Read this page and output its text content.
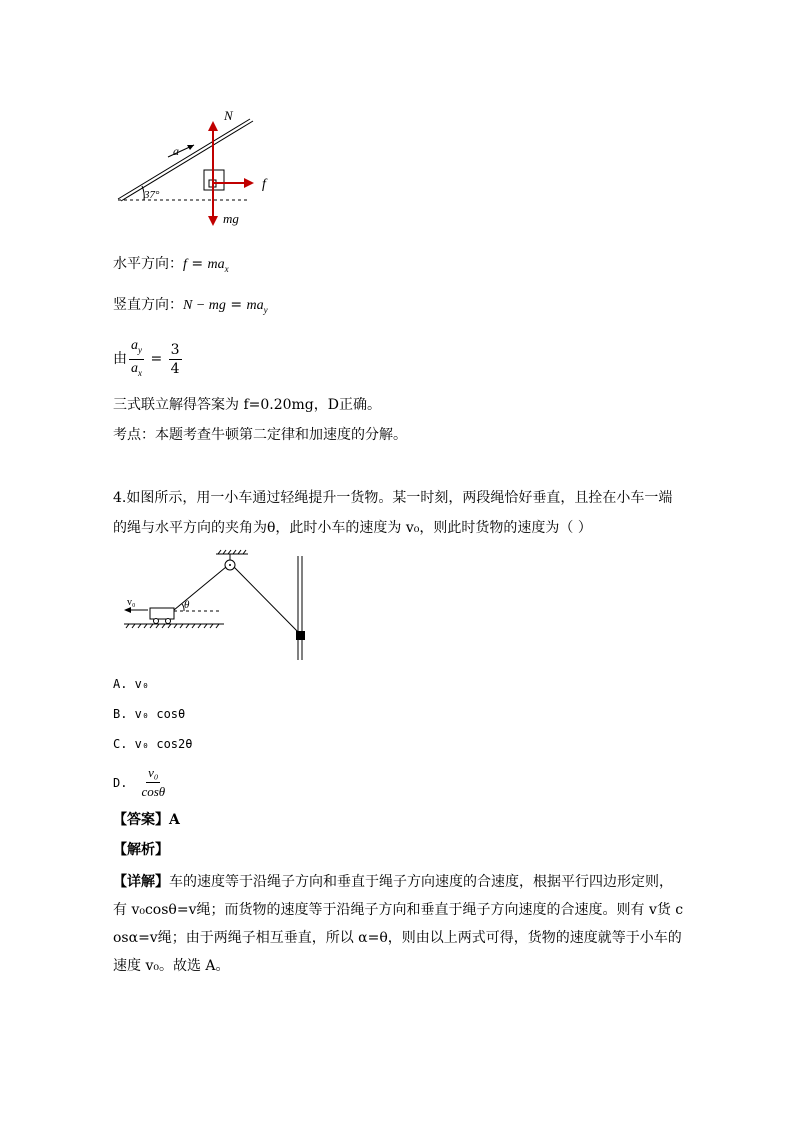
37°
a
N
f
mg
水平方向：$f = ma_x$
竖直方向：N − mg = $ma_y$
由 $\frac{a_y}{a_x} = \frac{3}{4}$
三式联立解得答案为 f=0.20mg，D正确。
考点：本题考查牛顿第二定律和加速度的分解。
4.如图所示，用一小车通过轻绳提升一货物。某一时刻，两段绳恰好垂直，且拴在小车一端
的绳与水平方向的夹角为θ，此时小车的速度为 v₀，则此时货物的速度为（ ）
θ
v₀
A. v₀
B. v₀ cosθ
C. v₀ cos2θ
D. $\frac{\text{v₀}}{\cos\theta}$
【答案】A
【解析】
【详解】车的速度等于沿绳子方向和垂直于绳子方向速度的合速度，根据平行四边形定则，有 v₀cosθ=v绳；而货物的速度等于沿绳子方向和垂直于绳子方向速度的合速度。则有 v货 cosα=v绳；由于两绳子相互垂直，所以 α=θ，则由以上两式可得，货物的速度就等于小车的速度 v₀。故选 A。
